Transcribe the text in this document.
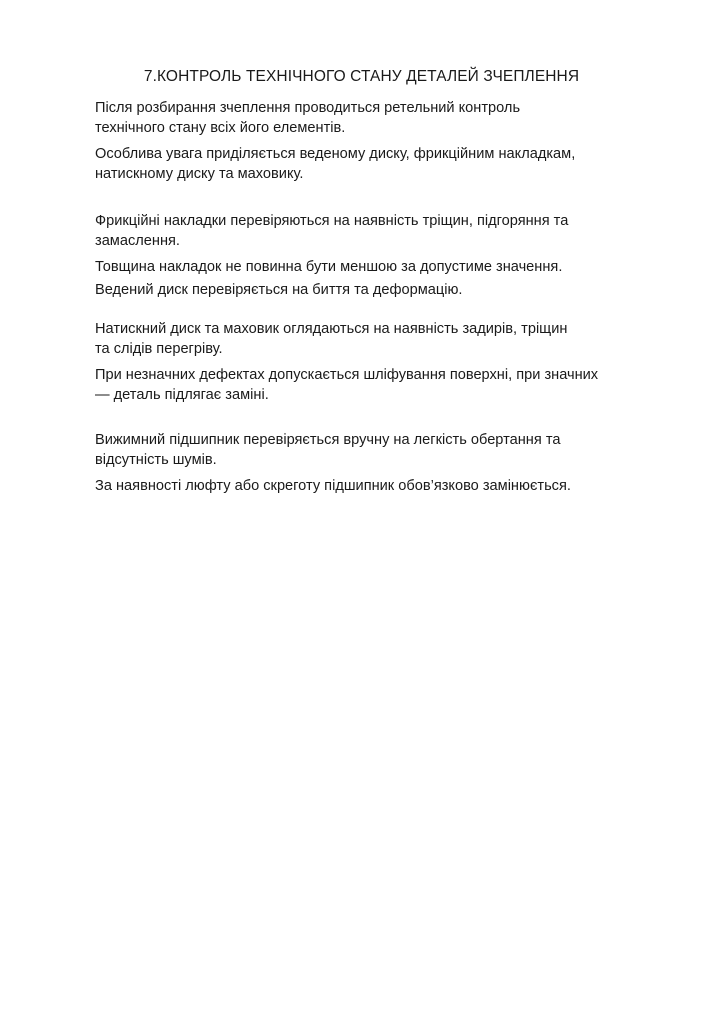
7.КОНТРОЛЬ ТЕХНІЧНОГО СТАНУ ДЕТАЛЕЙ ЗЧЕПЛЕННЯ

Після розбирання зчеплення проводиться ретельний контроль
технічного стану всіх його елементів.

Особлива увага приділяється веденому диску, фрикційним накладкам,
натискному диску та маховику.

Фрикційні накладки перевіряються на наявність тріщин, підгоряння та
замаслення.

Товщина накладок не повинна бути меншою за допустиме значення.

Ведений диск перевіряється на биття та деформацію.

Натискний диск та маховик оглядаються на наявність задирів, тріщин
та слідів перегріву.

При незначних дефектах допускається шліфування поверхні, при значних
— деталь підлягає заміні.

Вижимний підшипник перевіряється вручну на легкість обертання та
відсутність шумів.

За наявності люфту або скреготу підшипник обов’язково замінюється.
